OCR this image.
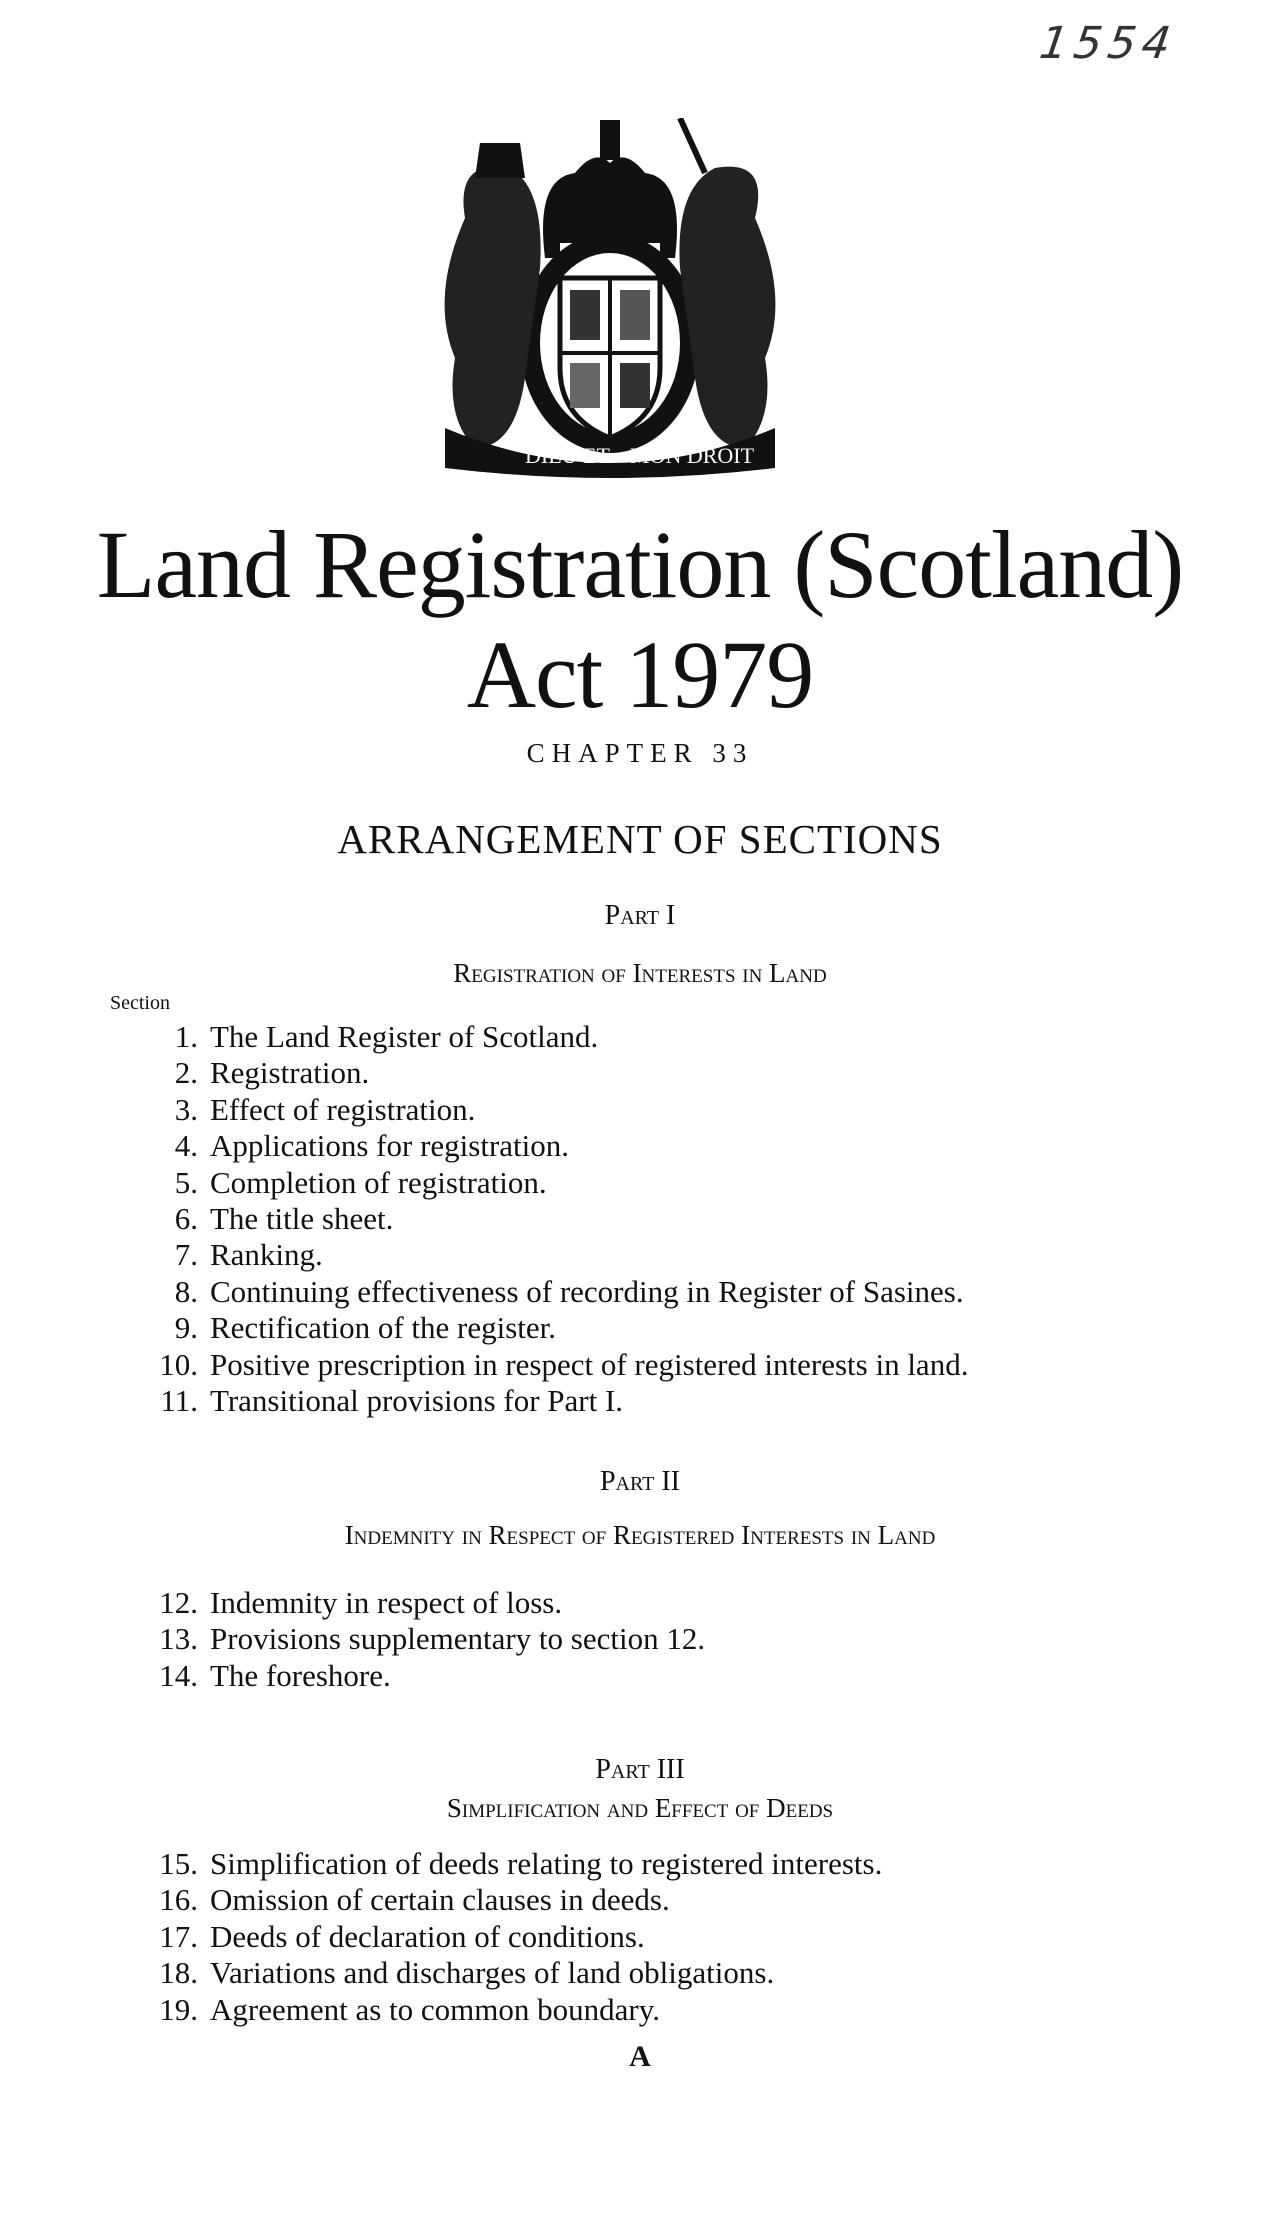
1554
DIEU ET MON DROIT
Land Registration (Scotland)
Act 1979
CHAPTER 33
ARRANGEMENT OF SECTIONS
Part I
Registration of Interests in Land
Section
1. The Land Register of Scotland.
2. Registration.
3. Effect of registration.
4. Applications for registration.
5. Completion of registration.
6. The title sheet.
7. Ranking.
8. Continuing effectiveness of recording in Register of Sasines.
9. Rectification of the register.
10. Positive prescription in respect of registered interests in land.
11. Transitional provisions for Part I.
Part II
Indemnity in Respect of Registered Interests in Land
12. Indemnity in respect of loss.
13. Provisions supplementary to section 12.
14. The foreshore.
Part III
Simplification and Effect of Deeds
15. Simplification of deeds relating to registered interests.
16. Omission of certain clauses in deeds.
17. Deeds of declaration of conditions.
18. Variations and discharges of land obligations.
19. Agreement as to common boundary.
A
